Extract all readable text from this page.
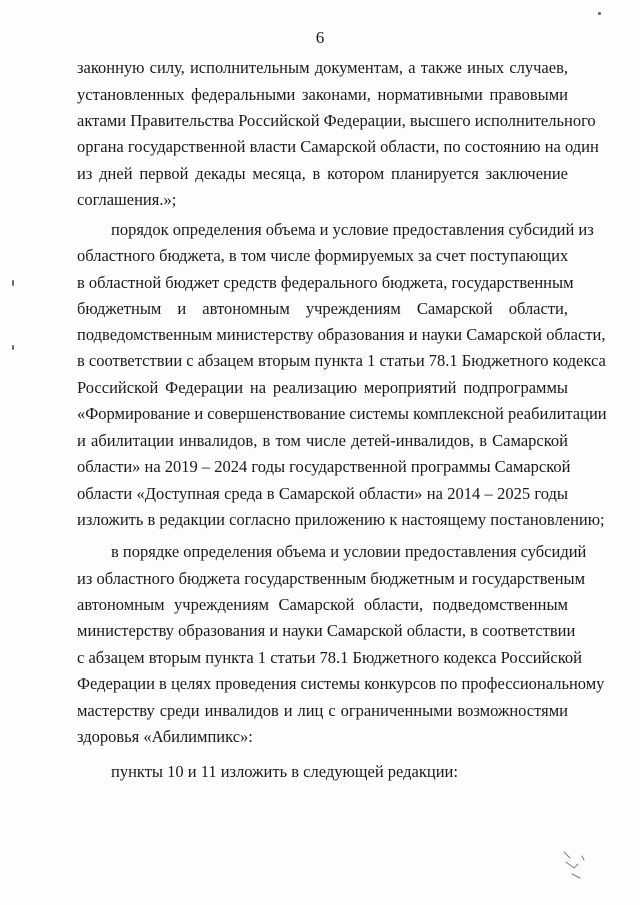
6
законную силу, исполнительным документам, а также иных случаев,
установленных федеральными законами, нормативными правовыми
актами Правительства Российской Федерации, высшего исполнительного
органа государственной власти Самарской области, по состоянию на один
из дней первой декады месяца, в котором планируется заключение
соглашения.»;
порядок определения объема и условие предоставления субсидий из
областного бюджета, в том числе формируемых за счет поступающих
в областной бюджет средств федерального бюджета, государственным
бюджетным и автономным учреждениям Самарской области,
подведомственным министерству образования и науки Самарской области,
в соответствии с абзацем вторым пункта 1 статьи 78.1 Бюджетного кодекса
Российской Федерации на реализацию мероприятий подпрограммы
«Формирование и совершенствование системы комплексной реабилитации
и абилитации инвалидов, в том числе детей-инвалидов, в Самарской
области» на 2019 – 2024 годы государственной программы Самарской
области «Доступная среда в Самарской области» на 2014 – 2025 годы
изложить в редакции согласно приложению к настоящему постановлению;
в порядке определения объема и условии предоставления субсидий
из областного бюджета государственным бюджетным и государственым
автономным учреждениям Самарской области, подведомственным
министерству образования и науки Самарской области, в соответствии
с абзацем вторым пункта 1 статьи 78.1 Бюджетного кодекса Российской
Федерации в целях проведения системы конкурсов по профессиональному
мастерству среди инвалидов и лиц с ограниченными возможностями
здоровья «Абилимпикс»:
пункты 10 и 11 изложить в следующей редакции:
